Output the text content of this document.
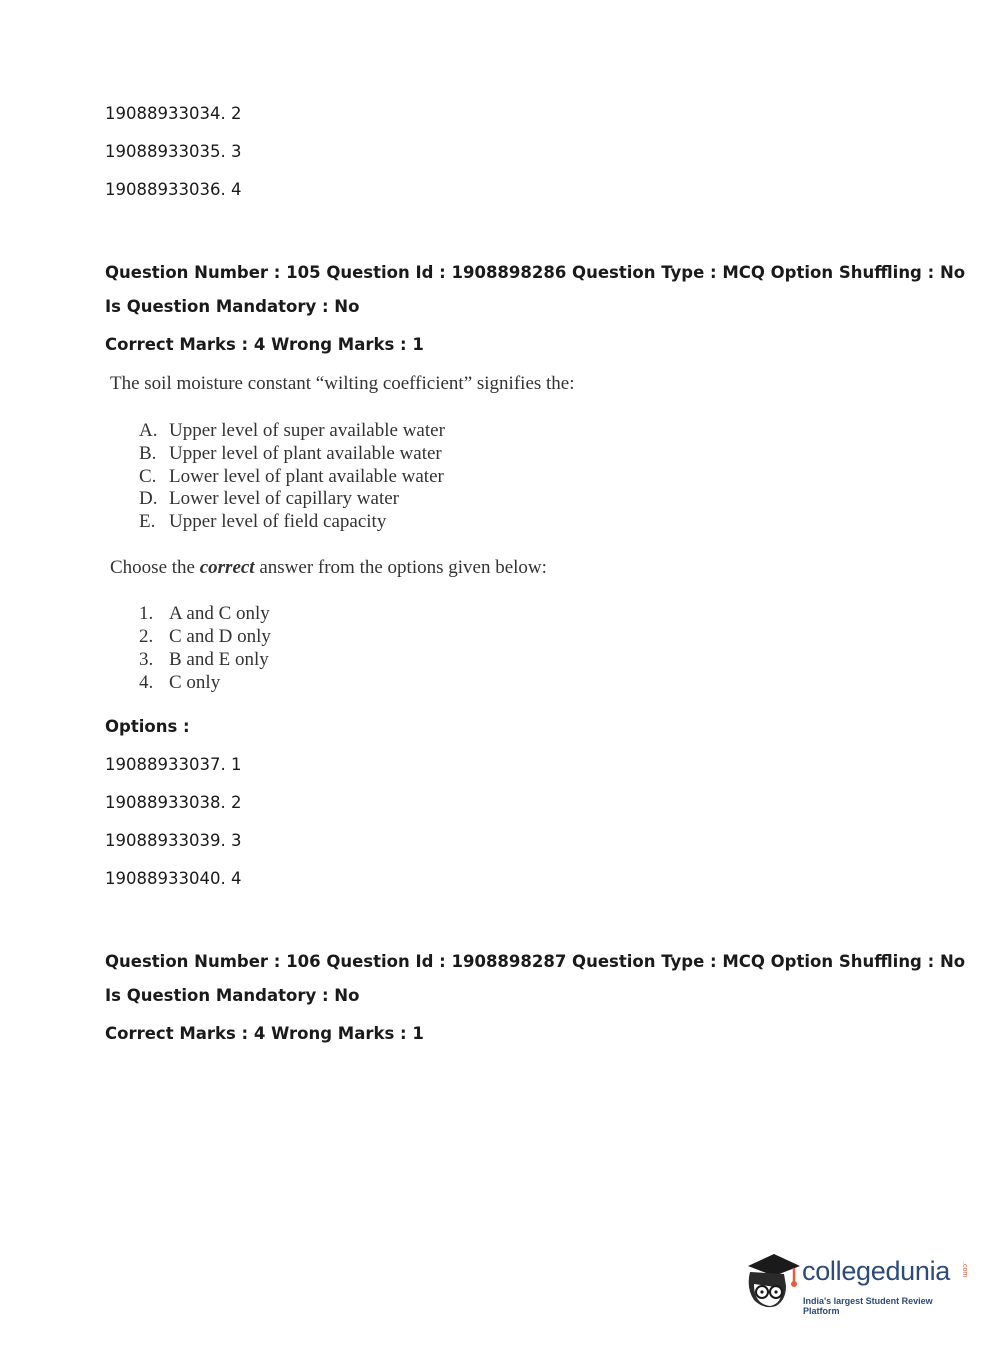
19088933034. 2
19088933035. 3
19088933036. 4
Question Number : 105 Question Id : 1908898286 Question Type : MCQ Option Shuffling : No
Is Question Mandatory : No
Correct Marks : 4 Wrong Marks : 1
The soil moisture constant “wilting coefficient” signifies the:
A. Upper level of super available water
B. Upper level of plant available water
C. Lower level of plant available water
D. Lower level of capillary water
E. Upper level of field capacity
Choose the correct answer from the options given below:
1. A and C only
2. C and D only
3. B and E only
4. C only
Options :
19088933037. 1
19088933038. 2
19088933039. 3
19088933040. 4
Question Number : 106 Question Id : 1908898287 Question Type : MCQ Option Shuffling : No
Is Question Mandatory : No
Correct Marks : 4 Wrong Marks : 1
collegedunia .com
India's largest Student Review Platform
